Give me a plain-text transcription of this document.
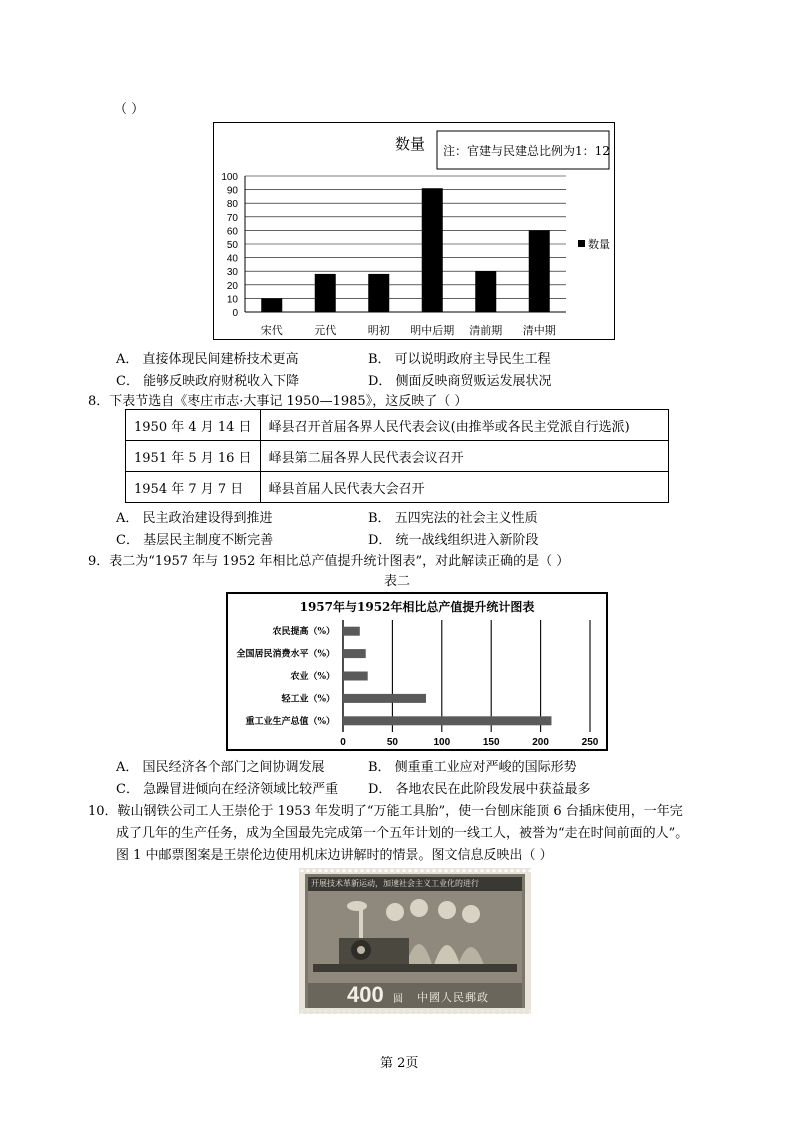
（ ）
数量 注：官建与民建总比例为1：12
0
10
20
30
40
50
60
70
80
90
100
宋代	元代	明初 明中后期 清前期 清中期
数量
A． 直接体现民间建桥技术更高	B． 可以说明政府主导民生工程
C． 能够反映政府财税收入下降	D． 侧面反映商贸贩运发展状况
8．下表节选自《枣庄市志·大事记 1950—1985》，这反映了（ ）
1950 年 4 月 14 日	峄县召开首届各界人民代表会议(由推举或各民主党派自行选派)
1951 年 5 月 16 日	峄县第二届各界人民代表会议召开
1954 年 7 月 7 日	峄县首届人民代表大会召开
A． 民主政治建设得到推进	B． 五四宪法的社会主义性质
C． 基层民主制度不断完善	D． 统一战线组织进入新阶段
9．表二为“1957 年与 1952 年相比总产值提升统计图表”，对此解读正确的是（ ）
表二
1957年与1952年相比总产值提升统计图表
0	50	100	150	200	250
农民提高（%）
全国居民消费水平（%）
农业（%）
轻工业（%）
重工业生产总值（%）
A． 国民经济各个部门之间协调发展	B． 侧重重工业应对严峻的国际形势
C． 急躁冒进倾向在经济领域比较严重 D． 各地农民在此阶段发展中获益最多
10．鞍山钢铁公司工人王崇伦于 1953 年发明了“万能工具胎”，使一台刨床能顶 6 台插床使用，一年完
成了几年的生产任务，成为全国最先完成第一个五年计划的一线工人，被誉为“走在时间前面的人”。
图 1 中邮票图案是王崇伦边使用机床边讲解时的情景。图文信息反映出（ ）
开展技术革新运动，加速社会主义工业化的进行
400 圆 中國人民郵政
第 2页
